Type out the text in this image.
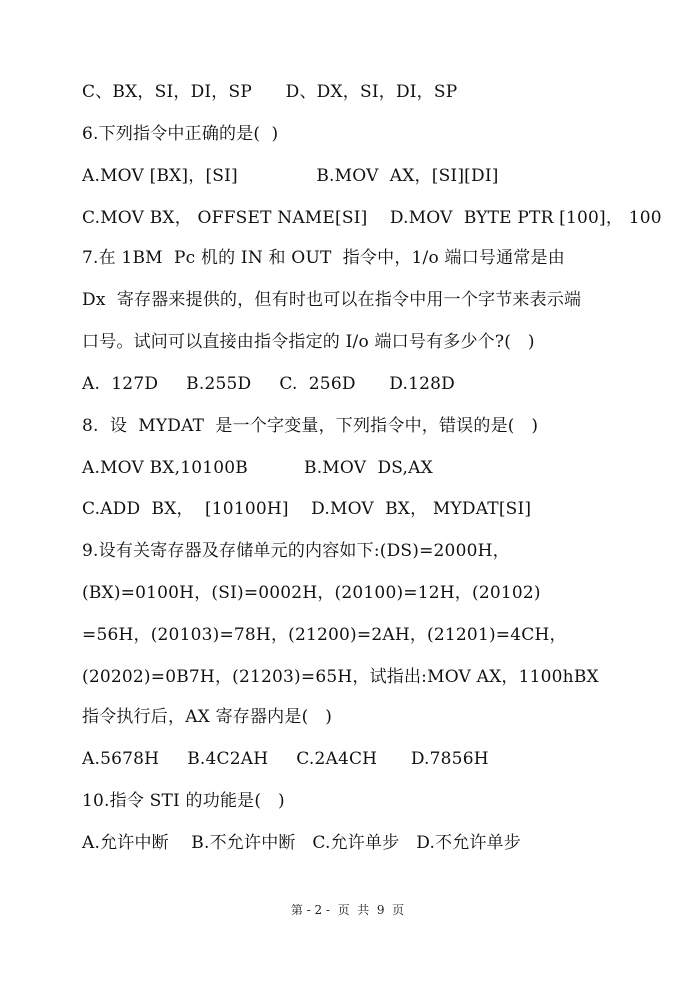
C、BX，SI，DI，SP      D、DX，SI，DI，SP
6.下列指令中正确的是(  )
A.MOV [BX]，[SI]              B.MOV  AX，[SI][DI]
C.MOV BX， OFFSET NAME[SI]    D.MOV  BYTE PTR [100]， 100
7.在 1BM  Pc 机的 IN 和 OUT  指令中，1/o 端口号通常是由
Dx  寄存器来提供的，但有时也可以在指令中用一个字节来表示端
口号。试问可以直接由指令指定的 I/o 端口号有多少个?(   )
A.  127D     B.255D     C.  256D      D.128D
8.  设  MYDAT  是一个字变量，下列指令中，错误的是(   )
A.MOV BX,10100B          B.MOV  DS,AX
C.ADD  BX，  [10100H]    D.MOV  BX， MYDAT[SI]
9.设有关寄存器及存储单元的内容如下:(DS)=2000H，
(BX)=0100H，(SI)=0002H，(20100)=12H，(20102)
=56H，(20103)=78H，(21200)=2AH，(21201)=4CH，
(20202)=0B7H，(21203)=65H，试指出:MOV AX，1100hBX
指令执行后，AX 寄存器内是(   )
A.5678H     B.4C2AH     C.2A4CH      D.7856H
10.指令 STI 的功能是(   )
A.允许中断    B.不允许中断   C.允许单步   D.不允许单步
第 - 2 -  页  共  9  页
